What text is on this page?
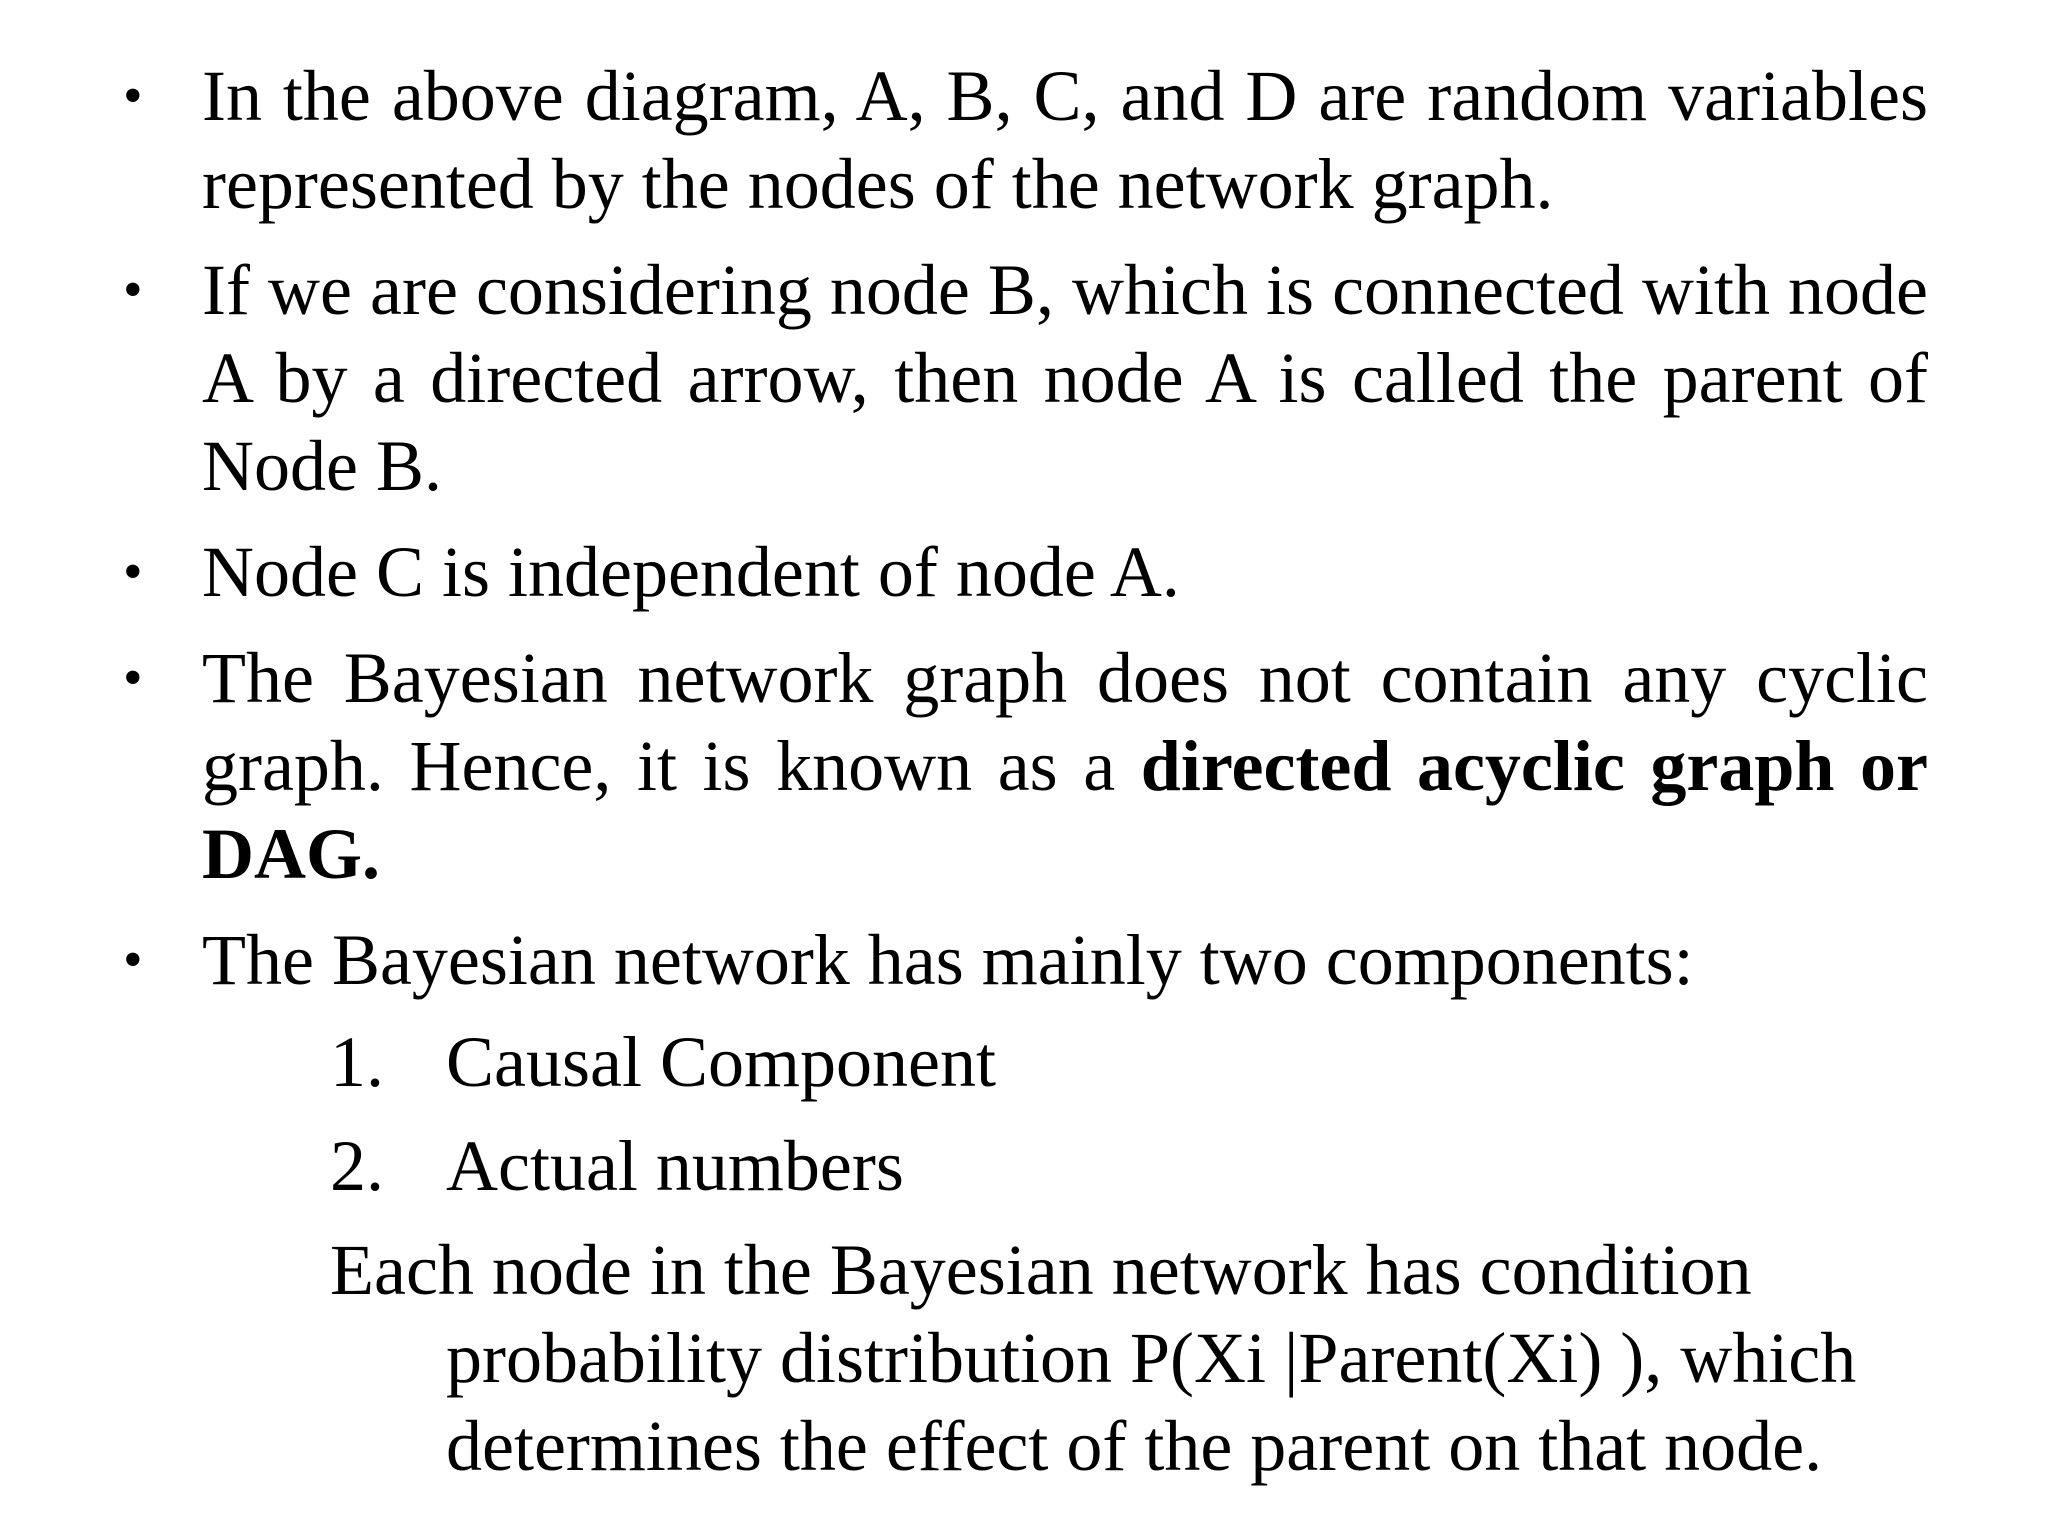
• In the above diagram, A, B, C, and D are random variables represented by the nodes of the network graph.
• If we are considering node B, which is connected with node A by a directed arrow, then node A is called the parent of Node B.
• Node C is independent of node A.
• The Bayesian network graph does not contain any cyclic graph. Hence, it is known as a directed acyclic graph or DAG.
• The Bayesian network has mainly two components:
1. Causal Component
2. Actual numbers
Each node in the Bayesian network has condition probability distribution P(Xi |Parent(Xi) ), which determines the effect of the parent on that node.
